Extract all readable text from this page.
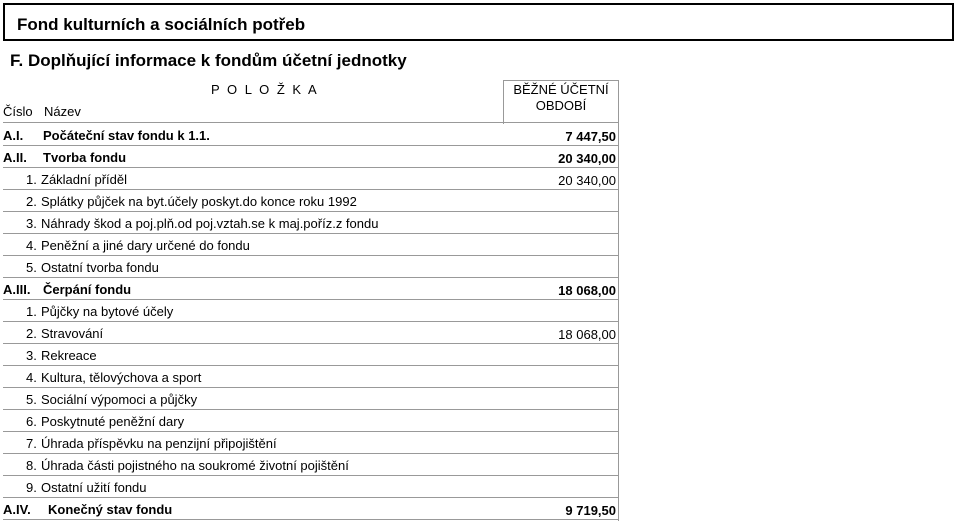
Fond kulturních a sociálních potřeb
F. Doplňující informace k fondům účetní jednotky
P O L O Ž K A
Číslo Název
BĚŽNÉ ÚČETNÍ OBDOBÍ
A.I. Počáteční stav fondu k 1.1.	7 447,50
A.II. Tvorba fondu	20 340,00
1. Základní příděl	20 340,00
2. Splátky půjček na byt.účely poskyt.do konce roku 1992
3. Náhrady škod a poj.plň.od poj.vztah.se k maj.poříz.z fondu
4. Peněžní a jiné dary určené do fondu
5. Ostatní tvorba fondu
A.III. Čerpání fondu	18 068,00
1. Půjčky na bytové účely
2. Stravování	18 068,00
3. Rekreace
4. Kultura, tělovýchova a sport
5. Sociální výpomoci a půjčky
6. Poskytnuté peněžní dary
7. Úhrada příspěvku na penzijní připojištění
8. Úhrada části pojistného na soukromé životní pojištění
9. Ostatní užití fondu
A.IV. Konečný stav fondu	9 719,50
